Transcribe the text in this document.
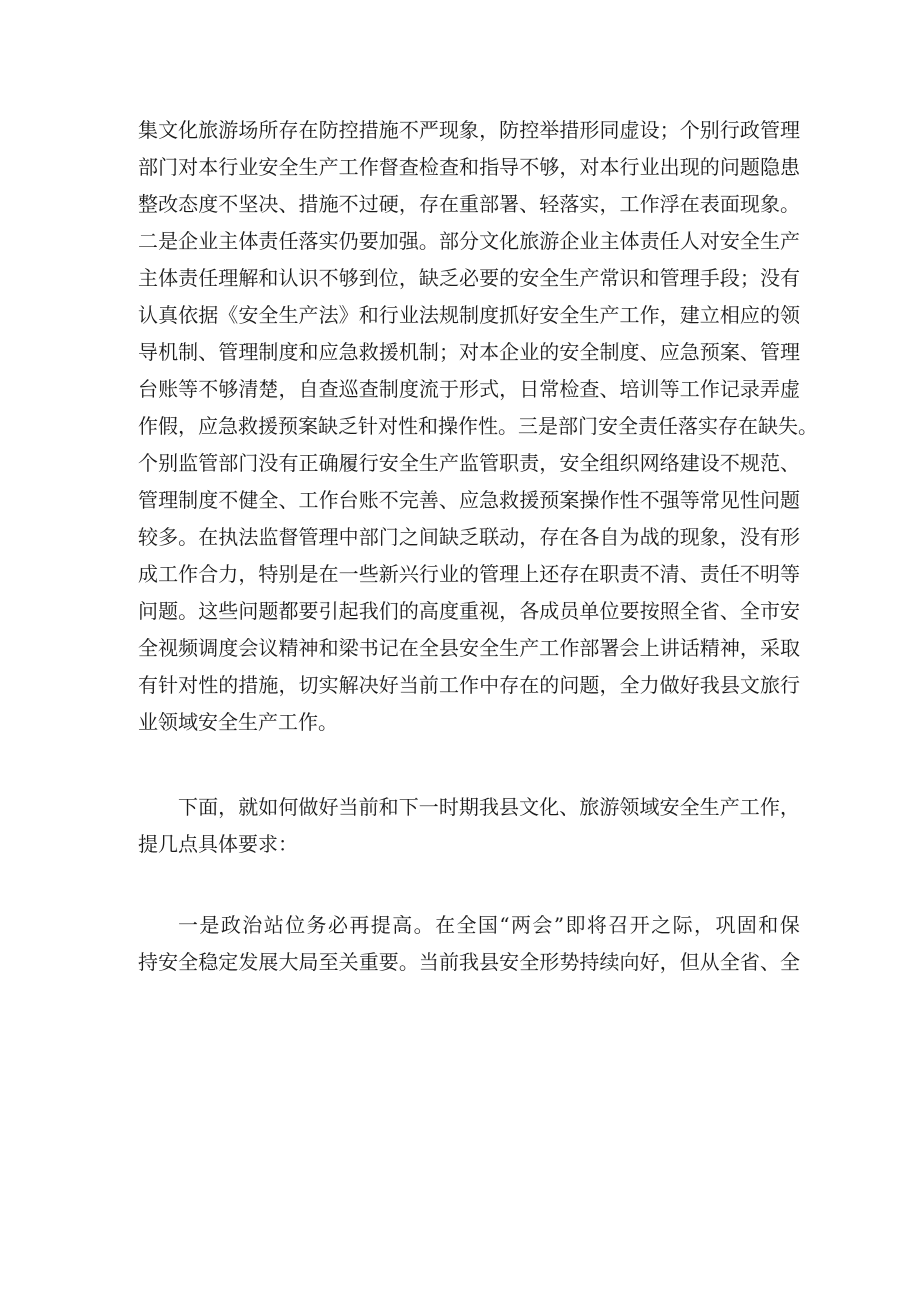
集 文 化 旅 游 场 所 存 在 防 控 措 施 不 严 现 象 ， 防 控 举 措 形 同 虚 设 ； 个 别 行 政 管 理
部 门 对 本 行 业 安 全 生 产 工 作 督 查 检 查 和 指 导 不 够 ， 对 本 行 业 出 现 的 问 题 隐 患
整 改 态 度 不 坚 决 、 措 施 不 过 硬 ， 存 在 重 部 署 、 轻 落 实 ， 工 作 浮 在 表 面 现 象 。
二 是 企 业 主 体 责 任 落 实 仍 要 加 强 。 部 分 文 化 旅 游 企 业 主 体 责 任 人 对 安 全 生 产
主 体 责 任 理 解 和 认 识 不 够 到 位 ， 缺 乏 必 要 的 安 全 生 产 常 识 和 管 理 手 段 ； 没 有
认 真 依 据 《 安 全 生 产 法 》 和 行 业 法 规 制 度 抓 好 安 全 生 产 工 作 ， 建 立 相 应 的 领
导 机 制 、 管 理 制 度 和 应 急 救 援 机 制 ； 对 本 企 业 的 安 全 制 度 、 应 急 预 案 、 管 理
台 账 等 不 够 清 楚 ， 自 查 巡 查 制 度 流 于 形 式 ， 日 常 检 查 、 培 训 等 工 作 记 录 弄 虚
作 假 ， 应 急 救 援 预 案 缺 乏 针 对 性 和 操 作 性 。 三 是 部 门 安 全 责 任 落 实 存 在 缺 失 。
个 别 监 管 部 门 没 有 正 确 履 行 安 全 生 产 监 管 职 责 ， 安 全 组 织 网 络 建 设 不 规 范 、
管 理 制 度 不 健 全 、 工 作 台 账 不 完 善 、 应 急 救 援 预 案 操 作 性 不 强 等 常 见 性 问 题
较 多 。 在 执 法 监 督 管 理 中 部 门 之 间 缺 乏 联 动 ， 存 在 各 自 为 战 的 现 象 ， 没 有 形
成 工 作 合 力 ， 特 别 是 在 一 些 新 兴 行 业 的 管 理 上 还 存 在 职 责 不 清 、 责 任 不 明 等
问 题 。 这 些 问 题 都 要 引 起 我 们 的 高 度 重 视 ， 各 成 员 单 位 要 按 照 全 省 、 全 市 安
全 视 频 调 度 会 议 精 神 和 梁 书 记 在 全 县 安 全 生 产 工 作 部 署 会 上 讲 话 精 神 ， 采 取
有 针 对 性 的 措 施 ， 切 实 解 决 好 当 前 工 作 中 存 在 的 问 题 ， 全 力 做 好 我 县 文 旅 行
业领域安全生产工作。
下 面 ， 就 如 何 做 好 当 前 和 下 一 时 期 我 县 文 化 、 旅 游 领 域 安 全 生 产 工 作 ，
提几点具体要求：
一 是 政 治 站 位 务 必 再 提 高 。 在 全 国 “ 两 会 ” 即 将 召 开 之 际 ， 巩 固 和 保
持 安 全 稳 定 发 展 大 局 至 关 重 要 。 当 前 我 县 安 全 形 势 持 续 向 好 ， 但 从 全 省 、 全
